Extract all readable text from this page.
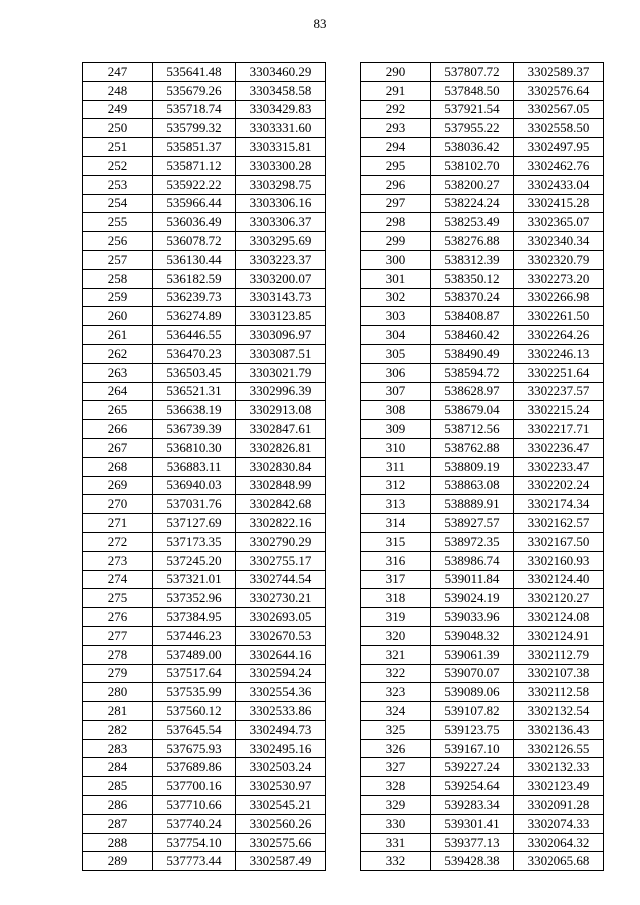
83
247	535641.48	3303460.29
248	535679.26	3303458.58
249	535718.74	3303429.83
250	535799.32	3303331.60
251	535851.37	3303315.81
252	535871.12	3303300.28
253	535922.22	3303298.75
254	535966.44	3303306.16
255	536036.49	3303306.37
256	536078.72	3303295.69
257	536130.44	3303223.37
258	536182.59	3303200.07
259	536239.73	3303143.73
260	536274.89	3303123.85
261	536446.55	3303096.97
262	536470.23	3303087.51
263	536503.45	3303021.79
264	536521.31	3302996.39
265	536638.19	3302913.08
266	536739.39	3302847.61
267	536810.30	3302826.81
268	536883.11	3302830.84
269	536940.03	3302848.99
270	537031.76	3302842.68
271	537127.69	3302822.16
272	537173.35	3302790.29
273	537245.20	3302755.17
274	537321.01	3302744.54
275	537352.96	3302730.21
276	537384.95	3302693.05
277	537446.23	3302670.53
278	537489.00	3302644.16
279	537517.64	3302594.24
280	537535.99	3302554.36
281	537560.12	3302533.86
282	537645.54	3302494.73
283	537675.93	3302495.16
284	537689.86	3302503.24
285	537700.16	3302530.97
286	537710.66	3302545.21
287	537740.24	3302560.26
288	537754.10	3302575.66
289	537773.44	3302587.49
290	537807.72	3302589.37
291	537848.50	3302576.64
292	537921.54	3302567.05
293	537955.22	3302558.50
294	538036.42	3302497.95
295	538102.70	3302462.76
296	538200.27	3302433.04
297	538224.24	3302415.28
298	538253.49	3302365.07
299	538276.88	3302340.34
300	538312.39	3302320.79
301	538350.12	3302273.20
302	538370.24	3302266.98
303	538408.87	3302261.50
304	538460.42	3302264.26
305	538490.49	3302246.13
306	538594.72	3302251.64
307	538628.97	3302237.57
308	538679.04	3302215.24
309	538712.56	3302217.71
310	538762.88	3302236.47
311	538809.19	3302233.47
312	538863.08	3302202.24
313	538889.91	3302174.34
314	538927.57	3302162.57
315	538972.35	3302167.50
316	538986.74	3302160.93
317	539011.84	3302124.40
318	539024.19	3302120.27
319	539033.96	3302124.08
320	539048.32	3302124.91
321	539061.39	3302112.79
322	539070.07	3302107.38
323	539089.06	3302112.58
324	539107.82	3302132.54
325	539123.75	3302136.43
326	539167.10	3302126.55
327	539227.24	3302132.33
328	539254.64	3302123.49
329	539283.34	3302091.28
330	539301.41	3302074.33
331	539377.13	3302064.32
332	539428.38	3302065.68
